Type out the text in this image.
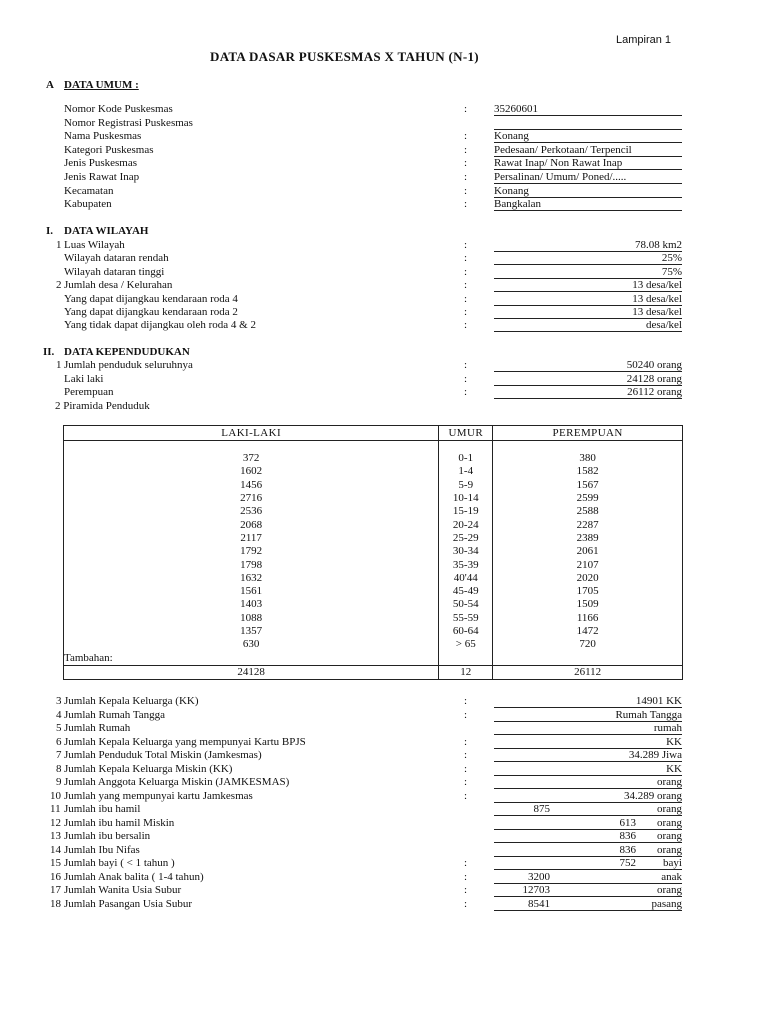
Lampiran 1
DATA DASAR PUSKESMAS X TAHUN (N-1)
A DATA UMUM :
Nomor Kode Puskesmas	: 35260601
Nomor Registrasi Puskesmas
Nama Puskesmas	: Konang
Kategori Puskesmas	: Pedesaan/ Perkotaan/ Terpencil
Jenis Puskesmas	: Rawat Inap/ Non Rawat Inap
Jenis Rawat Inap	: Persalinan/ Umum/ Poned/.....
Kecamatan	: Konang
Kabupaten	: Bangkalan
I. DATA WILAYAH
1 Luas Wilayah	:	78.08 km2
Wilayah dataran rendah	:	25%
Wilayah dataran tinggi	:	75%
2 Jumlah desa / Kelurahan	:	13 desa/kel
Yang dapat dijangkau kendaraan roda 4	:	13 desa/kel
Yang dapat dijangkau kendaraan roda 2	:	13 desa/kel
Yang tidak dapat dijangkau oleh roda 4 & 2	:	desa/kel
II. DATA KEPENDUDUKAN
1 Jumlah penduduk seluruhnya	:	50240 orang
Laki laki	:	24128 orang
Perempuan	:	26112 orang
2 Piramida Penduduk
LAKI-LAKI	UMUR	PEREMPUAN

372	0-1	380
1602	1-4	1582
1456	5-9	1567
2716	10-14	2599
2536	15-19	2588
2068	20-24	2287
2117	25-29	2389
1792	30-34	2061
1798	35-39	2107
1632	40'44	2020
1561	45-49	1705
1403	50-54	1509
1088	55-59	1166
1357	60-64	1472
630	> 65	720
Tambahan:		
24128	12	26112
3 Jumlah Kepala Keluarga (KK)	:	14901 KK
4 Jumlah Rumah Tangga	:	Rumah Tangga
5 Jumlah Rumah	rumah
6 Jumlah Kepala Keluarga yang mempunyai Kartu BPJS	:	KK
7 Jumlah Penduduk Total Miskin (Jamkesmas)	:	34.289 Jiwa
8 Jumlah Kepala Keluarga Miskin (KK)	:	KK
9 Jumlah Anggota Keluarga Miskin (JAMKESMAS)	:	orang
10 Jumlah yang mempunyai kartu Jamkesmas	:	34.289 orang
11 Jumlah ibu hamil	875	orang
12 Jumlah ibu hamil Miskin	613 orang
13 Jumlah ibu bersalin	836 orang
14 Jumlah Ibu Nifas	836 orang
15 Jumlah bayi ( < 1 tahun )	:	752 bayi
16 Jumlah Anak balita ( 1-4 tahun)	:	3200	anak
17 Jumlah Wanita Usia Subur	:	12703	orang
18 Jumlah Pasangan Usia Subur	:	8541	pasang
